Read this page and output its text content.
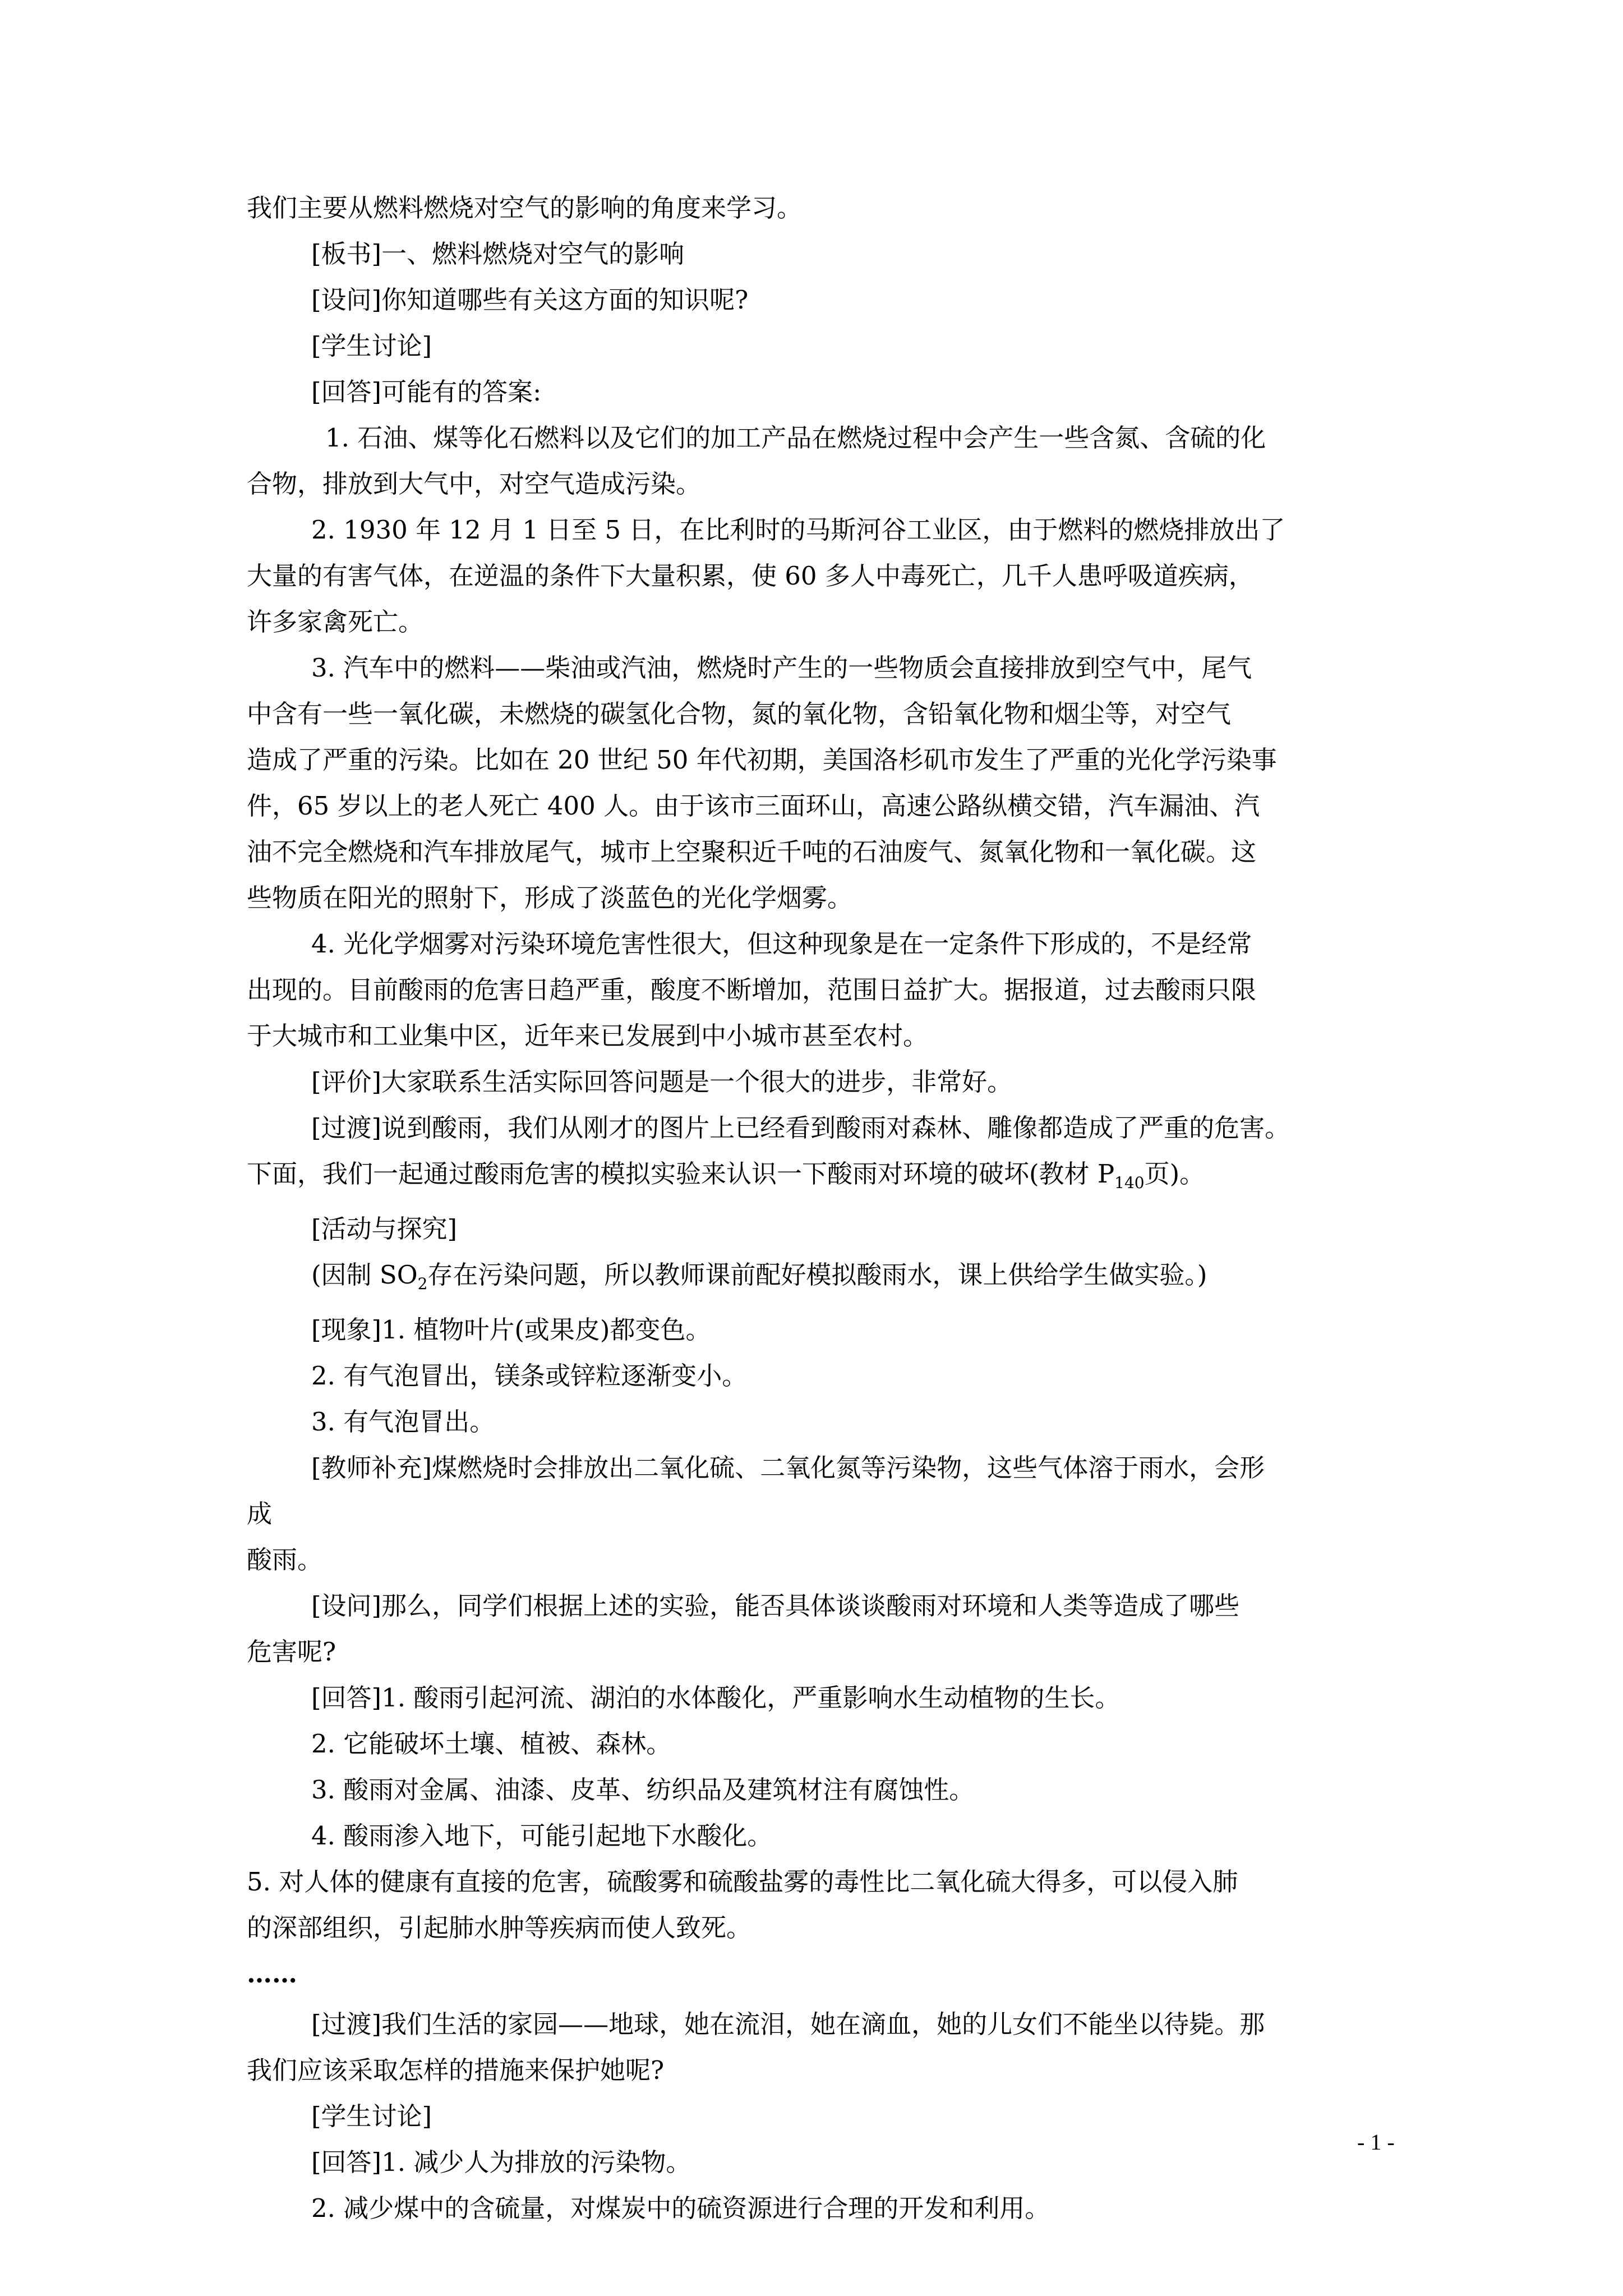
我们主要从燃料燃烧对空气的影响的角度来学习。

[板书]一、燃料燃烧对空气的影响

[设问]你知道哪些有关这方面的知识呢?

[学生讨论]

[回答]可能有的答案:

1. 石油、煤等化石燃料以及它们的加工产品在燃烧过程中会产生一些含氮、含硫的化

合物，排放到大气中，对空气造成污染。

2. 1930 年 12 月 1 日至 5 日，在比利时的马斯河谷工业区，由于燃料的燃烧排放出了

大量的有害气体，在逆温的条件下大量积累，使 60 多人中毒死亡，几千人患呼吸道疾病，

许多家禽死亡。

3. 汽车中的燃料——柴油或汽油，燃烧时产生的一些物质会直接排放到空气中，尾气

中含有一些一氧化碳，未燃烧的碳氢化合物，氮的氧化物，含铅氧化物和烟尘等，对空气

造成了严重的污染。比如在 20 世纪 50 年代初期，美国洛杉矶市发生了严重的光化学污染事

件，65 岁以上的老人死亡 400 人。由于该市三面环山，高速公路纵横交错，汽车漏油、汽

油不完全燃烧和汽车排放尾气，城市上空聚积近千吨的石油废气、氮氧化物和一氧化碳。这

些物质在阳光的照射下，形成了淡蓝色的光化学烟雾。

4. 光化学烟雾对污染环境危害性很大，但这种现象是在一定条件下形成的，不是经常

出现的。目前酸雨的危害日趋严重，酸度不断增加，范围日益扩大。据报道，过去酸雨只限

于大城市和工业集中区，近年来已发展到中小城市甚至农村。

[评价]大家联系生活实际回答问题是一个很大的进步，非常好。

[过渡]说到酸雨，我们从刚才的图片上已经看到酸雨对森林、雕像都造成了严重的危害。

下面，我们一起通过酸雨危害的模拟实验来认识一下酸雨对环境的破坏(教材 $P_{140}$页)。

[活动与探究]

(因制 $SO_2$存在污染问题，所以教师课前配好模拟酸雨水，课上供给学生做实验。)

[现象]1. 植物叶片(或果皮)都变色。

2. 有气泡冒出，镁条或锌粒逐渐变小。

3. 有气泡冒出。

[教师补充]煤燃烧时会排放出二氧化硫、二氧化氮等污染物，这些气体溶于雨水，会形

成

酸雨。

[设问]那么，同学们根据上述的实验，能否具体谈谈酸雨对环境和人类等造成了哪些

危害呢?

[回答]1. 酸雨引起河流、湖泊的水体酸化，严重影响水生动植物的生长。

2. 它能破坏土壤、植被、森林。

3. 酸雨对金属、油漆、皮革、纺织品及建筑材注有腐蚀性。

4. 酸雨渗入地下，可能引起地下水酸化。

5. 对人体的健康有直接的危害，硫酸雾和硫酸盐雾的毒性比二氧化硫大得多，可以侵入肺

的深部组织，引起肺水肿等疾病而使人致死。

……

[过渡]我们生活的家园——地球，她在流泪，她在滴血，她的儿女们不能坐以待毙。那

我们应该采取怎样的措施来保护她呢?

[学生讨论]

[回答]1. 减少人为排放的污染物。

2. 减少煤中的含硫量，对煤炭中的硫资源进行合理的开发和利用。

- 1 -
